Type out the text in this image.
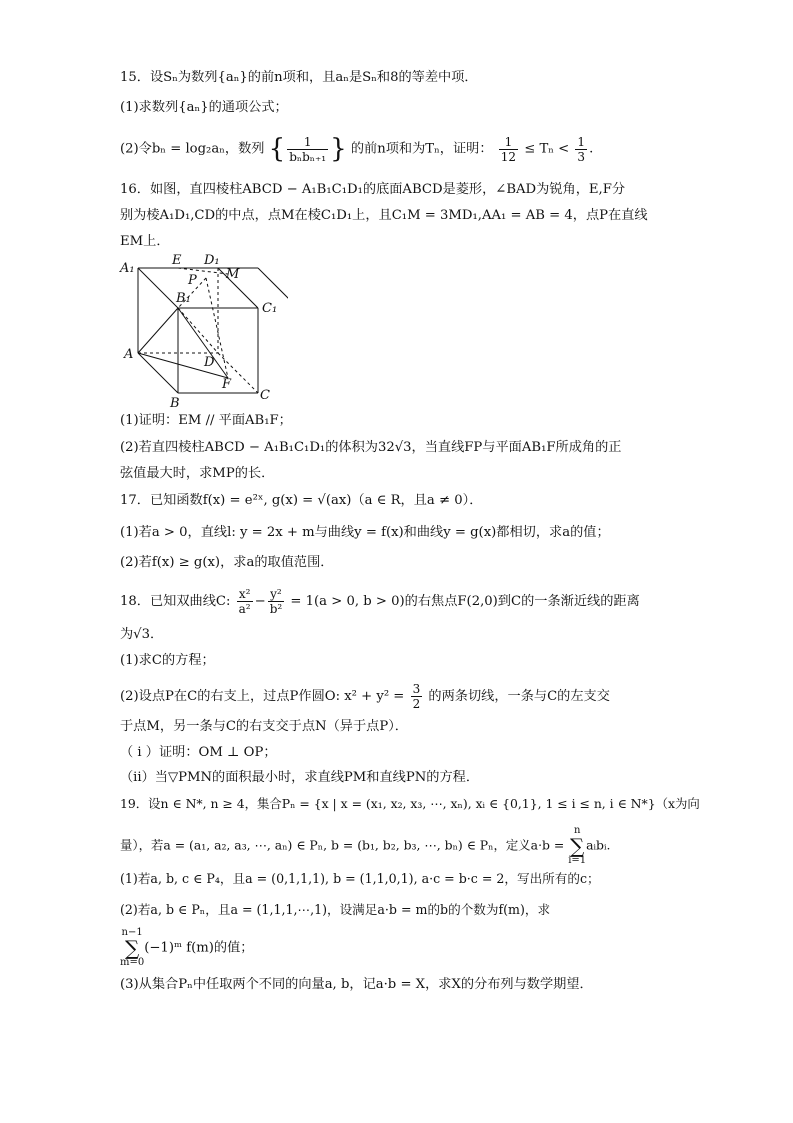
15．设Sₙ为数列{aₙ}的前n项和，且aₙ是Sₙ和8的等差中项．
(1)求数列{aₙ}的通项公式；
(2)令bₙ = log₂aₙ，数列 { $\frac{1}{\text{bₙbₙ₊₁}}$ } 的前n项和为Tₙ，证明： $\frac{1}{12} \le T_n < \frac{1}{3}$ .
16．如图，直四棱柱ABCD − A₁B₁C₁D₁的底面ABCD是菱形，∠BAD为锐角，E,F分
别为棱A₁D₁,CD的中点，点M在棱C₁D₁上，且C₁M = 3MD₁,AA₁ = AB = 4，点P在直线
EM上．
A₁
E D₁
M
P
B₁
C₁
A
D
F
B
C
(1)证明：EM // 平面AB₁F；
(2)若直四棱柱ABCD − A₁B₁C₁D₁的体积为32√3，当直线FP与平面AB₁F所成角的正
弦值最大时，求MP的长．
17．已知函数f(x) = e²ˣ, g(x) = √(ax)（a ∈ R，且a ≠ 0）．
(1)若a > 0，直线l: y = 2x + m与曲线y = f(x)和曲线y = g(x)都相切，求a的值；
(2)若f(x) ≥ g(x)，求a的取值范围．
18．已知双曲线C: $\frac{\text{x²}}{\text{a²}} - \frac{\text{y²}}{\text{b²}} = 1(a > 0$, b > 0)的右焦点F(2,0)到C的一条渐近线的距离
为√3．
(1)求C的方程；
(2)设点P在C的右支上，过点P作圆O: $x^2 + y^2 = \frac{3}{2}$ 的两条切线，一条与C的左支交
于点M，另一条与C的右支交于点N（异于点P）．
（ i ）证明：OM ⊥ OP；
（ii）当▽PMN的面积最小时，求直线PM和直线PN的方程．
19．设n ∈ N*, n ≥ 4，集合Pₙ = {x | x = (x₁, x₂, x₃, ⋯, xₙ), xᵢ ∈ {0,1}, 1 ≤ i ≤ n, i ∈ N*}（x为向
量），若a = (a₁, a₂, a₃, ⋯, aₙ) ∈ Pₙ, b = (b₁, b₂, b₃, ⋯, bₙ) ∈ Pₙ，定义a·b = n
∑
i=1aᵢbᵢ.
(1)若a, b, c ∈ P₄，且a = (0,1,1,1), b = (1,1,0,1), a·c = b·c = 2，写出所有的c；
(2)若a, b ∈ Pₙ，且a = (1,1,1,⋯,1)，设满足a·b = m的b的个数为f(m)，求
n−1
∑
m=0(−1)ᵐ f(m)的值；
(3)从集合Pₙ中任取两个不同的向量a, b，记a·b = X，求X的分布列与数学期望．
